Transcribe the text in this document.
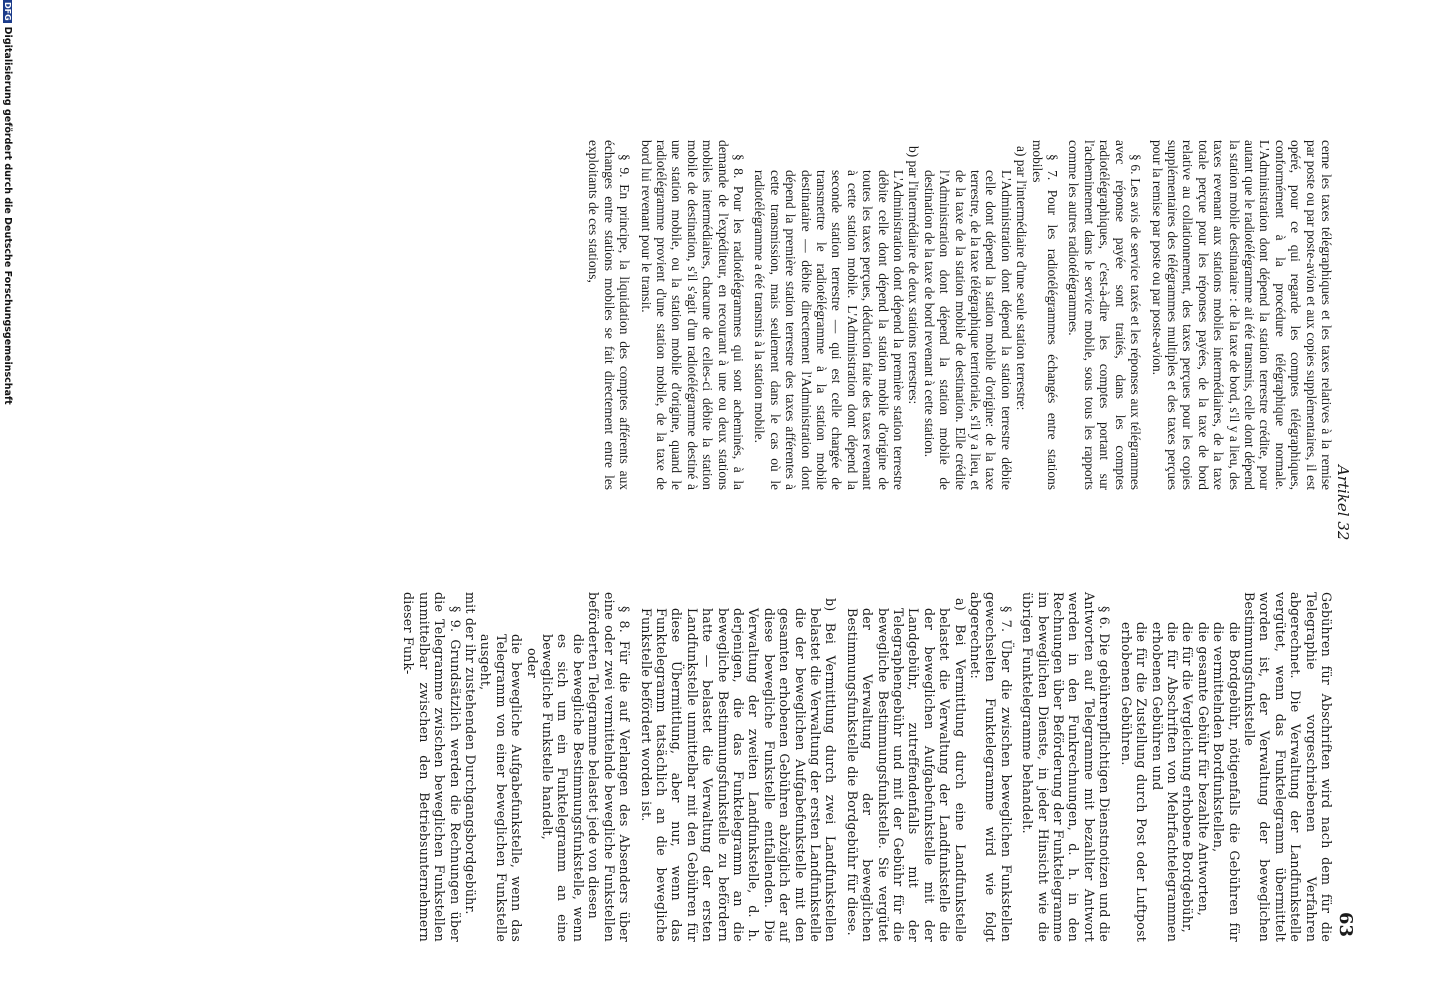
Artikel 32
63

Gebühren für Abschriften wird nach dem für die Telegraphie vorgeschriebenen Verfahren abgerechnet. Die Verwaltung der Landfunkstelle vergütet, wenn das Funktelegramm übermittelt worden ist, der Verwaltung der beweglichen Bestimmungsfunkstelle

die Bordgebühr, nötigenfalls die Gebühren für die vermittelnden Bordfunkstellen,

die gesamte Gebühr für bezahlte Antworten,

die für die Vergleichung erhobene Bordgebühr,

die für Abschriften von Mehrfachtelegrammen erhobenen Gebühren und

die für die Zustellung durch Post oder Luftpost erhobenen Gebühren.

§ 6. Die gebührenpflichtigen Dienstnotizen und die Antworten auf Telegramme mit bezahlter Antwort werden in den Funkrechnungen, d. h. in den Rechnungen über Beförderung der Funktelegramme im beweglichen Dienste, in jeder Hinsicht wie die übrigen Funktelegramme behandelt.

§ 7. Über die zwischen beweglichen Funkstellen gewechselten Funktelegramme wird wie folgt abgerechnet:

a) Bei Vermittlung durch eine Landfunkstelle belastet die Verwaltung der Landfunkstelle die der beweglichen Aufgabefunkstelle mit der Landgebühr, zutreffendenfalls mit der Telegraphengebühr und mit der Gebühr für die bewegliche Bestimmungsfunkstelle. Sie vergütet der Verwaltung der beweglichen Bestimmungsfunkstelle die Bordgebühr für diese.

b) Bei Vermittlung durch zwei Landfunkstellen belastet die Verwaltung der ersten Landfunkstelle die der beweglichen Aufgabefunkstelle mit den gesamten erhobenen Gebühren abzüglich der auf diese bewegliche Funkstelle entfallenden. Die Verwaltung der zweiten Landfunkstelle, d. h. derjenigen, die das Funktelegramm an die bewegliche Bestimmungsfunkstelle zu befördern hatte — belastet die Verwaltung der ersten Landfunkstelle unmittelbar mit den Gebühren für diese Übermittlung, aber nur, wenn das Funktelegramm tatsächlich an die bewegliche Funkstelle befördert worden ist.

§ 8. Für die auf Verlangen des Absenders über eine oder zwei vermittelnde bewegliche Funkstellen beförderten Telegramme belastet jede von diesen

die bewegliche Bestimmungsfunkstelle, wenn es sich um ein Funktelegramm an eine bewegliche Funkstelle handelt,

oder

die bewegliche Aufgabefunkstelle, wenn das Telegramm von einer beweglichen Funkstelle ausgeht,

mit der ihr zustehenden Durchgangsbordgebühr.

§ 9. Grundsätzlich werden die Rechnungen über die Telegramme zwischen beweglichen Funkstellen unmittelbar zwischen den Betriebsunternehmern dieser Funk-

cerne les taxes télégraphiques et les taxes relatives à la remise par poste ou par poste-avion et aux copies supplémentaires, il est opéré, pour ce qui regarde les comptes télégraphiques, conformément à la procédure télégraphique normale. L'Administration dont dépend la station terrestre crédite, pour autant que le radiotélégramme ait été transmis, celle dont dépend la station mobile destinataire : de la taxe de bord, s'il y a lieu, des taxes revenant aux stations mobiles intermédiaires, de la taxe totale perçue pour les réponses payées, de la taxe de bord relative au collationnement, des taxes perçues pour les copies supplémentaires des télégrammes multiples et des taxes perçues pour la remise par poste ou par poste-avion.

§ 6. Les avis de service taxés et les réponses aux télégrammes avec réponse payée sont traités, dans les comptes radiotélégraphiques, c'est-à-dire les comptes portant sur l'acheminement dans le service mobile, sous tous les rapports comme les autres radiotélégrammes.

§ 7. Pour les radiotélégrammes échangés entre stations mobiles

a) par l'intermédiaire d'une seule station terrestre:

L'Administration dont dépend la station terrestre débite celle dont dépend la station mobile d'origine: de la taxe terrestre, de la taxe télégraphique territoriale, s'il y a lieu, et de la taxe de la station mobile de destination. Elle crédite l'Administration dont dépend la station mobile de destination de la taxe de bord revenant à cette station.

b) par l'intermédiaire de deux stations terrestres:

L'Administration dont dépend la première station terrestre débite celle dont dépend la station mobile d'origine de toutes les taxes perçues, déduction faite des taxes revenant à cette station mobile. L'Administration dont dépend la seconde station terrestre — qui est celle chargée de transmettre le radiotélégramme à la station mobile destinataire — débite directement l'Administration dont dépend la première station terrestre des taxes afférentes à cette transmission, mais seulement dans le cas où le radiotélégramme a été transmis à la station mobile.

§ 8. Pour les radiotélégrammes qui sont acheminés, à la demande de l'expéditeur, en recourant à une ou deux stations mobiles intermédiaires, chacune de celles-ci débite la station mobile de destination, s'il s'agit d'un radiotélégramme destiné à une station mobile, ou la station mobile d'origine, quand le radiotélégramme provient d'une station mobile, de la taxe de bord lui revenant pour le transit.

§ 9. En principe, la liquidation des comptes afférents aux échanges entre stations mobiles se fait directement entre les exploitants de ces stations,

DFGDigitalisierung gefördert durch die Deutsche Forschungsgemeinschaft
